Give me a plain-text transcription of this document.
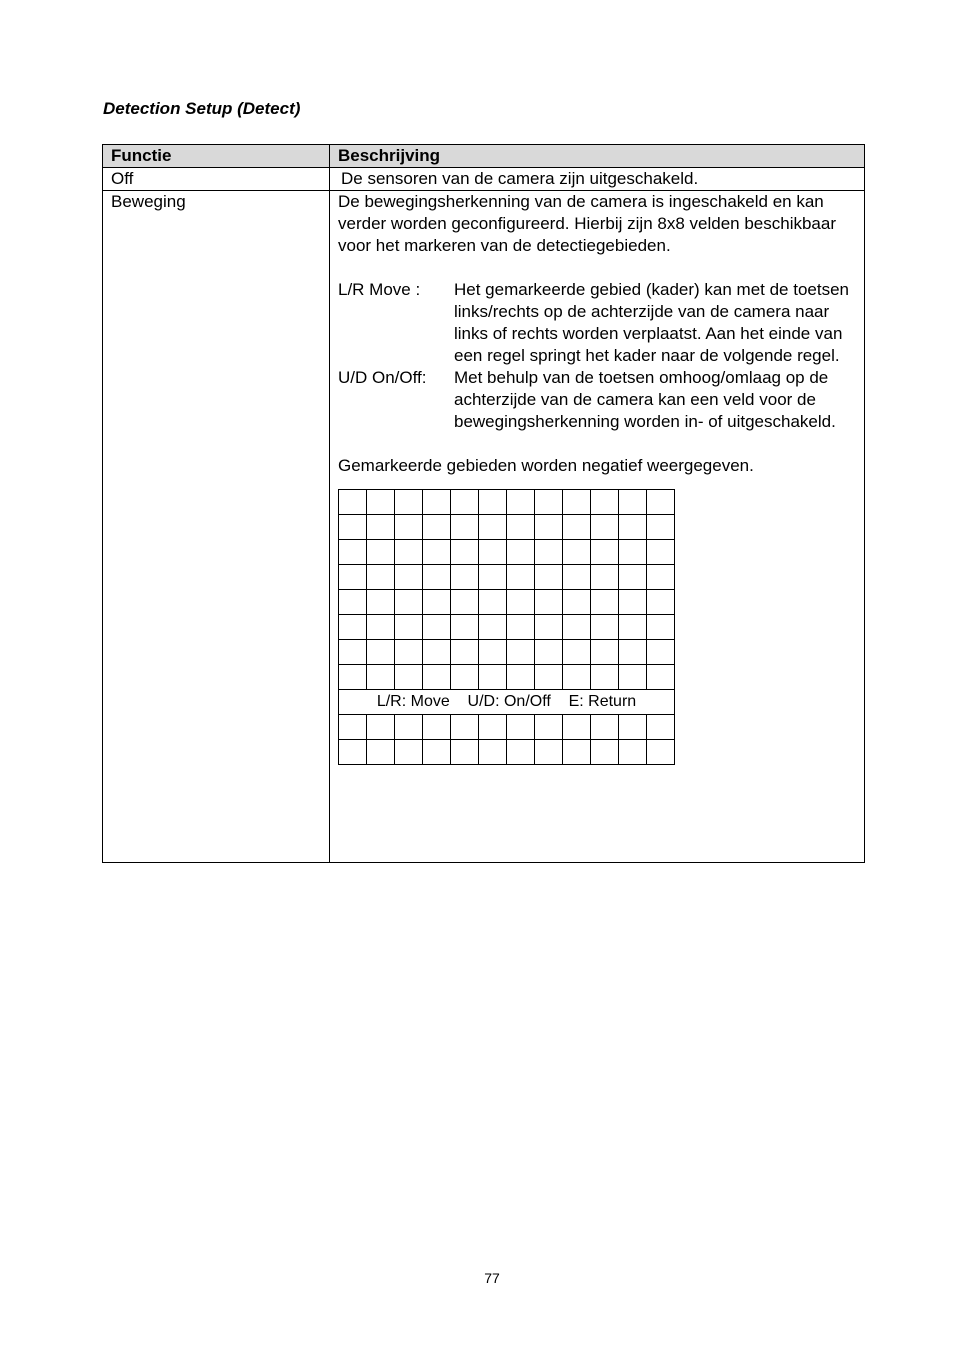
Detection Setup (Detect)
Functie	Beschrijving
Off	De sensoren van de camera zijn uitgeschakeld.
Beweging	De bewegingsherkenning van de camera is ingeschakeld en kan verder worden geconfigureerd. Hierbij zijn 8x8 velden beschikbaar voor het markeren van de detectiegebieden.

L/R Move :	Het gemarkeerde gebied (kader) kan met de toetsen links/rechts op de achterzijde van de camera naar links of rechts worden verplaatst. Aan het einde van een regel springt het kader naar de volgende regel.
U/D On/Off:	Met behulp van de toetsen omhoog/omlaag op de achterzijde van de camera kan een veld voor de bewegingsherkenning worden in- of uitgeschakeld.

Gemarkeerde gebieden worden negatief weergegeven.

L/R: Move    U/D: On/Off    E: Return

77
